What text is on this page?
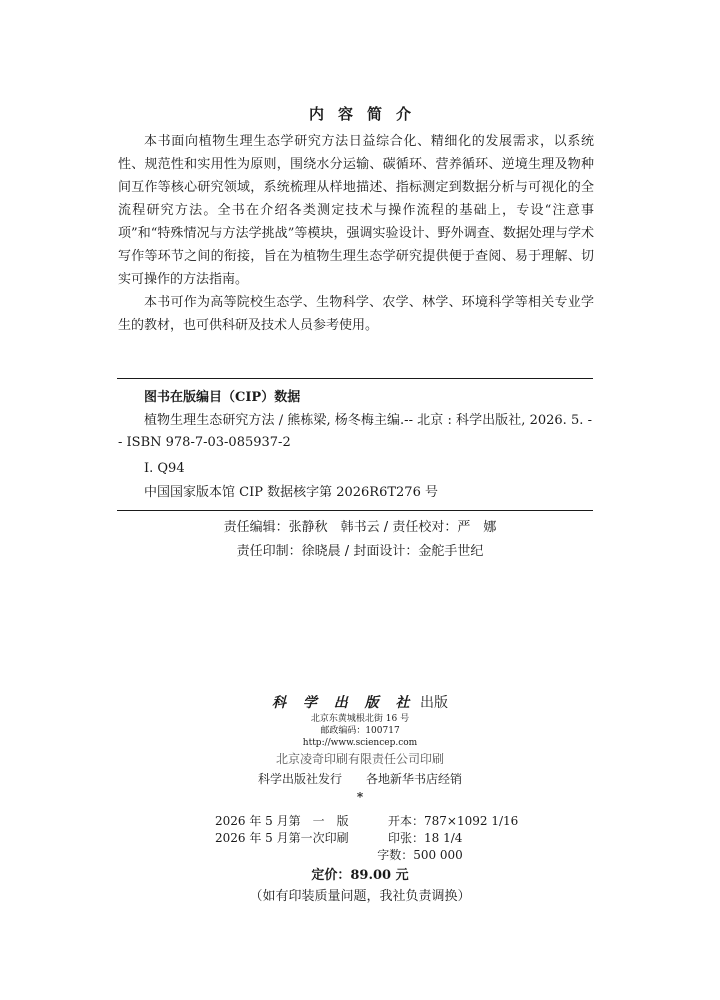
内容简介

本书面向植物生理生态学研究方法日益综合化、精细化的发展需求，以系统性、规范性和实用性为原则，围绕水分运输、碳循环、营养循环、逆境生理及物种间互作等核心研究领域，系统梳理从样地描述、指标测定到数据分析与可视化的全流程研究方法。全书在介绍各类测定技术与操作流程的基础上，专设“注意事项”和“特殊情况与方法学挑战”等模块，强调实验设计、野外调查、数据处理与学术写作等环节之间的衔接，旨在为植物生理生态学研究提供便于查阅、易于理解、切实可操作的方法指南。

本书可作为高等院校生态学、生物科学、农学、林学、环境科学等相关专业学生的教材，也可供科研及技术人员参考使用。

图书在版编目（CIP）数据
植物生理生态研究方法 / 熊栋梁, 杨冬梅主编.-- 北京 : 科学出版社, 2026. 5. -- ISBN 978-7-03-085937-2
Ⅰ. Q94
中国国家版本馆 CIP 数据核字第 2026R6T276 号
责任编辑：张静秋　韩书云 / 责任校对：严　娜
责任印制：徐晓晨 / 封面设计：金舵手世纪
科 学 出 版 社 出版
北京东黄城根北街 16 号
邮政编码：100717
http://www.sciencep.com
北京凌奇印刷有限责任公司印刷
科学出版社发行　　各地新华书店经销
*
2026 年 5 月第　一　版	开本：787×1092 1/16
2026 年 5 月第一次印刷	印张：18 1/4
字数：500 000
定价：89.00 元
（如有印装质量问题，我社负责调换）
